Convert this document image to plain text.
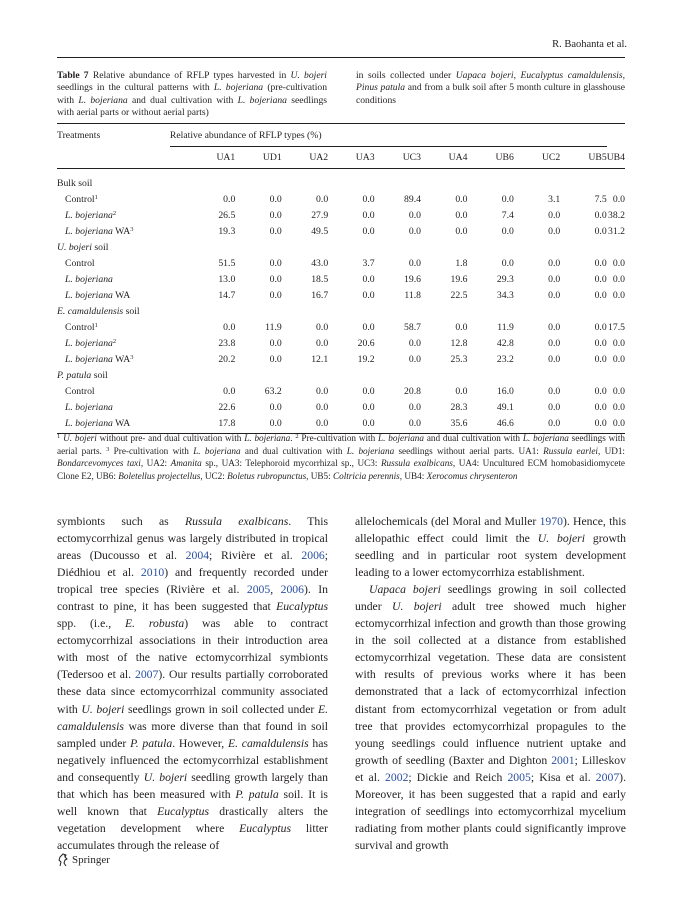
R. Baohanta et al.
Table 7 Relative abundance of RFLP types harvested in U. bojeri seedlings in the cultural patterns with L. bojeriana (pre-cultivation with L. bojeriana and dual cultivation with L. bojeriana seedlings with aerial parts or without aerial parts)
in soils collected under Uapaca bojeri, Eucalyptus camaldulensis, Pinus patula and from a bulk soil after 5 month culture in glasshouse conditions
Treatments	Relative abundance of RFLP types (%)										
		UA1	UD1	UA2	UA3	UC3	UA4	UB6	UC2	UB5	UB4
Bulk soil											
Control$^1$		0.0	0.0	0.0	0.0	89.4	0.0	0.0	3.1	7.5	0.0
L. bojeriana$^2$		26.5	0.0	27.9	0.0	0.0	0.0	7.4	0.0	0.0	38.2
L. bojeriana $WA^3$		19.3	0.0	49.5	0.0	0.0	0.0	0.0	0.0	0.0	31.2
U. bojeri soil											
Control		51.5	0.0	43.0	3.7	0.0	1.8	0.0	0.0	0.0	0.0
L. bojeriana		13.0	0.0	18.5	0.0	19.6	19.6	29.3	0.0	0.0	0.0
L. bojeriana WA		14.7	0.0	16.7	0.0	11.8	22.5	34.3	0.0	0.0	0.0
E. camaldulensis soil											
Control$^1$		0.0	11.9	0.0	0.0	58.7	0.0	11.9	0.0	0.0	17.5
L. bojeriana$^2$		23.8	0.0	0.0	20.6	0.0	12.8	42.8	0.0	0.0	0.0
L. bojeriana $WA^3$		20.2	0.0	12.1	19.2	0.0	25.3	23.2	0.0	0.0	0.0
P. patula soil											
Control		0.0	63.2	0.0	0.0	20.8	0.0	16.0	0.0	0.0	0.0
L. bojeriana		22.6	0.0	0.0	0.0	0.0	28.3	49.1	0.0	0.0	0.0
L. bojeriana WA		17.8	0.0	0.0	0.0	0.0	35.6	46.6	0.0	0.0	0.0
$^1$ U. bojeri without pre- and dual cultivation with L. bojeriana. $^2$ Pre-cultivation with L. bojeriana and dual cultivation with L. bojeriana seedlings with aerial parts. $^3$ Pre-cultivation with L. bojeriana and dual cultivation with L. bojeriana seedlings without aerial parts. UA1: Russula earlei, UD1: Bondarcevomyces taxi, UA2: Amanita sp., UA3: Telephoroid mycorrhizal sp., UC3: Russula exalbicans, UA4: Uncultured ECM homobasidiomycete Clone E2, UB6: Boletellus projectellus, UC2: Boletus rubropunctus, UB5: Coltricia perennis, UB4: Xerocomus chrysenteron

symbionts such as Russula exalbicans. This ectomycorrhizal genus was largely distributed in tropical areas (Ducousso et al. 2004; Rivière et al. 2006; Diédhiou et al. 2010) and frequently recorded under tropical tree species (Rivière et al. 2005, 2006). In contrast to pine, it has been suggested that Eucalyptus spp. (i.e., E. robusta) was able to contract ectomycorrhizal associations in their introduction area with most of the native ectomycorrhizal symbionts (Tedersoo et al. 2007). Our results partially corroborated these data since ectomycorrhizal community associated with U. bojeri seedlings grown in soil collected under E. camaldulensis was more diverse than that found in soil sampled under P. patula. However, E. camaldulensis has negatively influenced the ectomycorrhizal establishment and consequently U. bojeri seedling growth largely than that which has been measured with P. patula soil. It is well known that Eucalyptus drastically alters the vegetation development where Eucalyptus litter accumulates through the release of

allelochemicals (del Moral and Muller 1970). Hence, this allelopathic effect could limit the U. bojeri growth seedling and in particular root system development leading to a lower ectomycorrhiza establishment.

Uapaca bojeri seedlings growing in soil collected under U. bojeri adult tree showed much higher ectomycorrhizal infection and growth than those growing in the soil collected at a distance from established ectomycorrhizal vegetation. These data are consistent with results of previous works where it has been demonstrated that a lack of ectomycorrhizal infection distant from ectomycorrhizal vegetation or from adult tree that provides ectomycorrhizal propagules to the young seedlings could influence nutrient uptake and growth of seedling (Baxter and Dighton 2001; Lilleskov et al. 2002; Dickie and Reich 2005; Kisa et al. 2007). Moreover, it has been suggested that a rapid and early integration of seedlings into ectomycorrhizal mycelium radiating from mother plants could significantly improve survival and growth

Springer
